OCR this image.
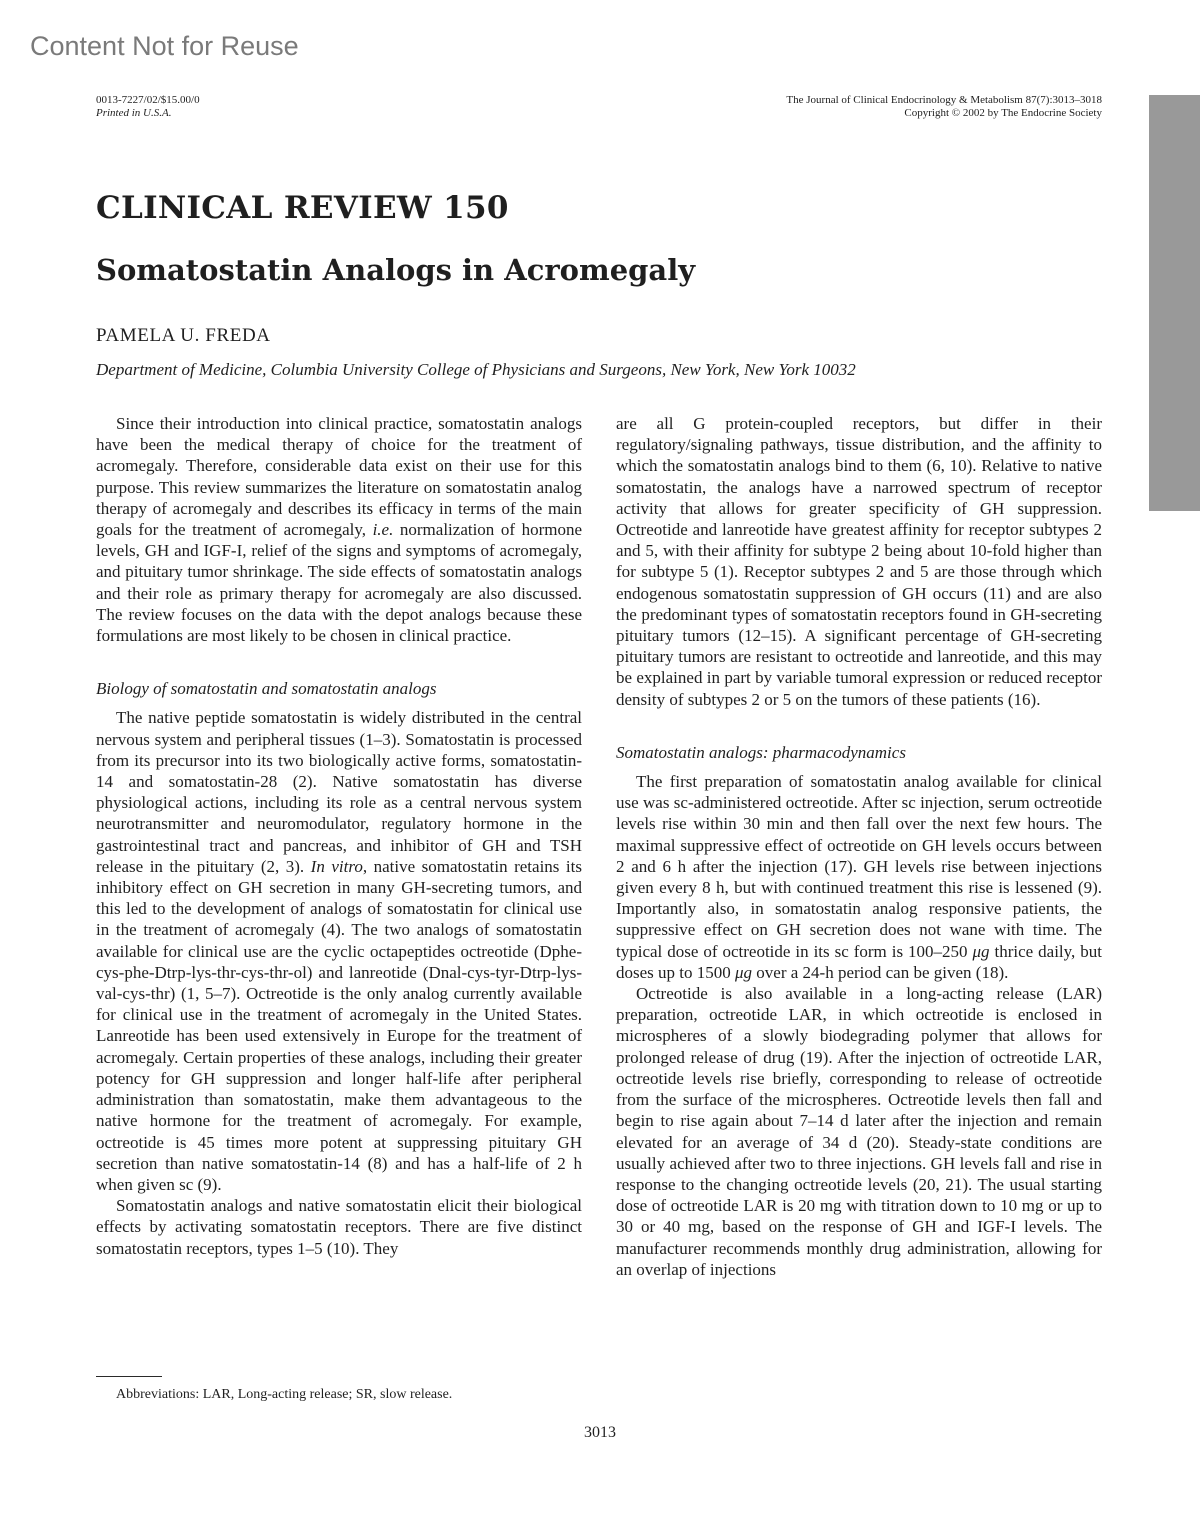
Content Not for Reuse
0013-7227/02/$15.00/0
Printed in U.S.A.
The Journal of Clinical Endocrinology & Metabolism 87(7):3013–3018
Copyright © 2002 by The Endocrine Society
CLINICAL REVIEW 150
Somatostatin Analogs in Acromegaly
PAMELA U. FREDA
Department of Medicine, Columbia University College of Physicians and Surgeons, New York, New York 10032

Since their introduction into clinical practice, somatostatin analogs have been the medical therapy of choice for the treatment of acromegaly. Therefore, considerable data exist on their use for this purpose. This review summarizes the literature on somatostatin analog therapy of acromegaly and describes its efficacy in terms of the main goals for the treatment of acromegaly, i.e. normalization of hormone levels, GH and IGF-I, relief of the signs and symptoms of acromegaly, and pituitary tumor shrinkage. The side effects of somatostatin analogs and their role as primary therapy for acromegaly are also discussed. The review focuses on the data with the depot analogs because these formulations are most likely to be chosen in clinical practice.

Biology of somatostatin and somatostatin analogs

The native peptide somatostatin is widely distributed in the central nervous system and peripheral tissues (1–3). Somatostatin is processed from its precursor into its two biologically active forms, somatostatin-14 and somatostatin-28 (2). Native somatostatin has diverse physiological actions, including its role as a central nervous system neurotransmitter and neuromodulator, regulatory hormone in the gastrointestinal tract and pancreas, and inhibitor of GH and TSH release in the pituitary (2, 3). In vitro, native somatostatin retains its inhibitory effect on GH secretion in many GH-secreting tumors, and this led to the development of analogs of somatostatin for clinical use in the treatment of acromegaly (4). The two analogs of somatostatin available for clinical use are the cyclic octapeptides octreotide (Dphe-cys-phe-Dtrp-lys-thr-cys-thr-ol) and lanreotide (Dnal-cys-tyr-Dtrp-lys-val-cys-thr) (1, 5–7). Octreotide is the only analog currently available for clinical use in the treatment of acromegaly in the United States. Lanreotide has been used extensively in Europe for the treatment of acromegaly. Certain properties of these analogs, including their greater potency for GH suppression and longer half-life after peripheral administration than somatostatin, make them advantageous to the native hormone for the treatment of acromegaly. For example, octreotide is 45 times more potent at suppressing pituitary GH secretion than native somatostatin-14 (8) and has a half-life of 2 h when given sc (9).

Somatostatin analogs and native somatostatin elicit their biological effects by activating somatostatin receptors. There are five distinct somatostatin receptors, types 1–5 (10). They

are all G protein-coupled receptors, but differ in their regulatory/signaling pathways, tissue distribution, and the affinity to which the somatostatin analogs bind to them (6, 10). Relative to native somatostatin, the analogs have a narrowed spectrum of receptor activity that allows for greater specificity of GH suppression. Octreotide and lanreotide have greatest affinity for receptor subtypes 2 and 5, with their affinity for subtype 2 being about 10-fold higher than for subtype 5 (1). Receptor subtypes 2 and 5 are those through which endogenous somatostatin suppression of GH occurs (11) and are also the predominant types of somatostatin receptors found in GH-secreting pituitary tumors (12–15). A significant percentage of GH-secreting pituitary tumors are resistant to octreotide and lanreotide, and this may be explained in part by variable tumoral expression or reduced receptor density of subtypes 2 or 5 on the tumors of these patients (16).

Somatostatin analogs: pharmacodynamics

The first preparation of somatostatin analog available for clinical use was sc-administered octreotide. After sc injection, serum octreotide levels rise within 30 min and then fall over the next few hours. The maximal suppressive effect of octreotide on GH levels occurs between 2 and 6 h after the injection (17). GH levels rise between injections given every 8 h, but with continued treatment this rise is lessened (9). Importantly also, in somatostatin analog responsive patients, the suppressive effect on GH secretion does not wane with time. The typical dose of octreotide in its sc form is 100–250 μg thrice daily, but doses up to 1500 μg over a 24-h period can be given (18).

Octreotide is also available in a long-acting release (LAR) preparation, octreotide LAR, in which octreotide is enclosed in microspheres of a slowly biodegrading polymer that allows for prolonged release of drug (19). After the injection of octreotide LAR, octreotide levels rise briefly, corresponding to release of octreotide from the surface of the microspheres. Octreotide levels then fall and begin to rise again about 7–14 d later after the injection and remain elevated for an average of 34 d (20). Steady-state conditions are usually achieved after two to three injections. GH levels fall and rise in response to the changing octreotide levels (20, 21). The usual starting dose of octreotide LAR is 20 mg with titration down to 10 mg or up to 30 or 40 mg, based on the response of GH and IGF-I levels. The manufacturer recommends monthly drug administration, allowing for an overlap of injections

Abbreviations: LAR, Long-acting release; SR, slow release.
3013
